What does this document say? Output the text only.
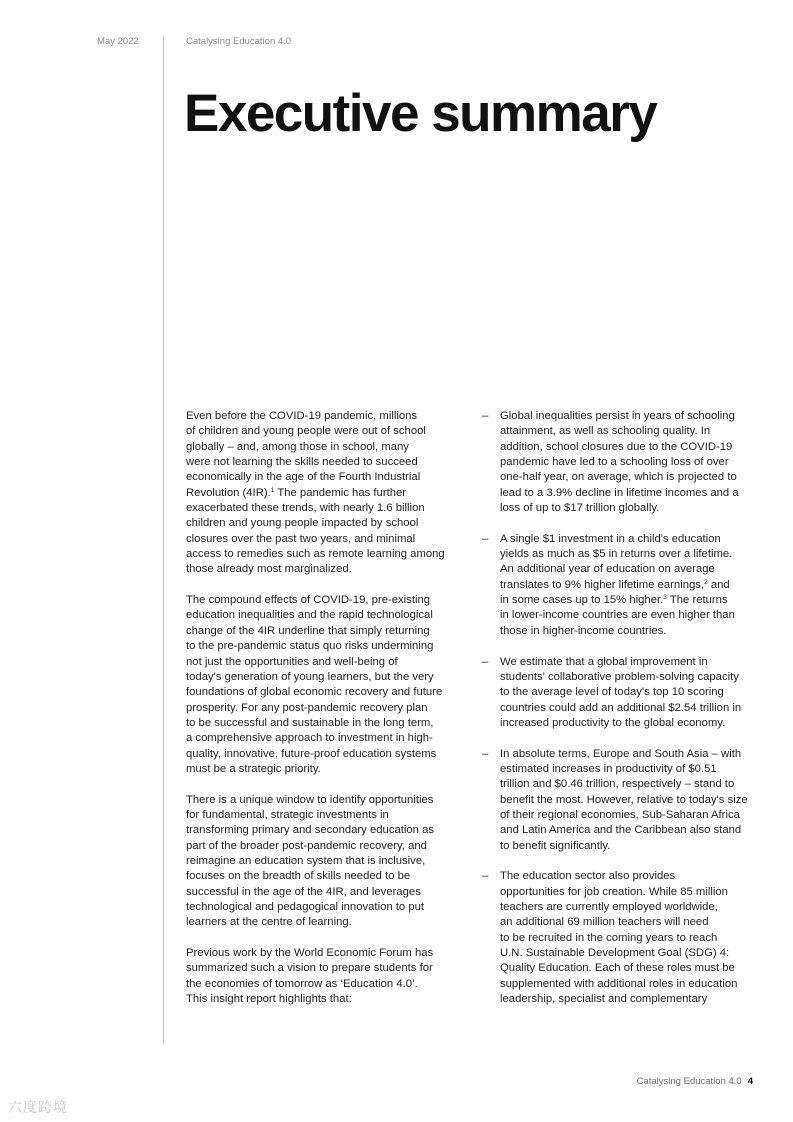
May 2022	Catalysing Education 4.0
Executive summary

Even before the COVID-19 pandemic, millions
of children and young people were out of school
globally – and, among those in school, many
were not learning the skills needed to succeed
economically in the age of the Fourth Industrial
Revolution (4IR).$^1$ The pandemic has further
exacerbated these trends, with nearly 1.6 billion
children and young people impacted by school
closures over the past two years, and minimal
access to remedies such as remote learning among
those already most marginalized.

The compound effects of COVID-19, pre-existing
education inequalities and the rapid technological
change of the 4IR underline that simply returning
to the pre-pandemic status quo risks undermining
not just the opportunities and well-being of
today's generation of young learners, but the very
foundations of global economic recovery and future
prosperity. For any post-pandemic recovery plan
to be successful and sustainable in the long term,
a comprehensive approach to investment in high-
quality, innovative, future-proof education systems
must be a strategic priority.

There is a unique window to identify opportunities
for fundamental, strategic investments in
transforming primary and secondary education as
part of the broader post-pandemic recovery, and
reimagine an education system that is inclusive,
focuses on the breadth of skills needed to be
successful in the age of the 4IR, and leverages
technological and pedagogical innovation to put
learners at the centre of learning.

Previous work by the World Economic Forum has
summarized such a vision to prepare students for
the economies of tomorrow as ‘Education 4.0’.
This insight report highlights that:

– Global inequalities persist in years of schooling
attainment, as well as schooling quality. In
addition, school closures due to the COVID-19
pandemic have led to a schooling loss of over
one-half year, on average, which is projected to
lead to a 3.9% decline in lifetime incomes and a
loss of up to $17 trillion globally.
– A single $1 investment in a child's education
yields as much as $5 in returns over a lifetime.
An additional year of education on average
translates to 9% higher lifetime earnings,$^2$ and
in some cases up to 15% higher.$^3$ The returns
in lower-income countries are even higher than
those in higher-income countries.
– We estimate that a global improvement in
students' collaborative problem-solving capacity
to the average level of today's top 10 scoring
countries could add an additional $2.54 trillion in
increased productivity to the global economy.
– In absolute terms, Europe and South Asia – with
estimated increases in productivity of $0.51
trillion and $0.46 trillion, respectively – stand to
benefit the most. However, relative to today's size
of their regional economies, Sub-Saharan Africa
and Latin America and the Caribbean also stand
to benefit significantly.
– The education sector also provides
opportunities for job creation. While 85 million
teachers are currently employed worldwide,
an additional 69 million teachers will need
to be recruited in the coming years to reach
U.N. Sustainable Development Goal (SDG) 4:
Quality Education. Each of these roles must be
supplemented with additional roles in education
leadership, specialist and complementary
Catalysing Education 4.0 4
六度跨境
